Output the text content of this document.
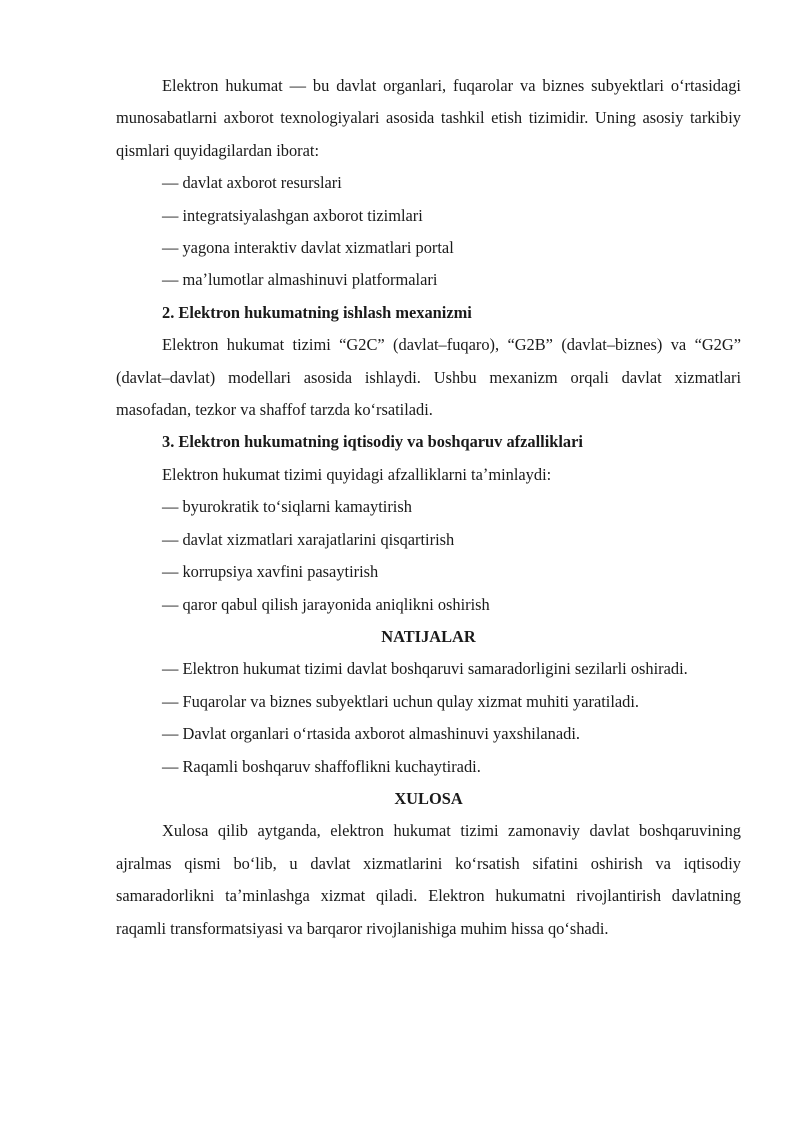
Elektron hukumat — bu davlat organlari, fuqarolar va biznes subyektlari oʻrtasidagi munosabatlarni axborot texnologiyalari asosida tashkil etish tizimidir. Uning asosiy tarkibiy qismlari quyidagilardan iborat:

— davlat axborot resurslari

— integratsiyalashgan axborot tizimlari

— yagona interaktiv davlat xizmatlari portal

— maʼlumotlar almashinuvi platformalari

2. Elektron hukumatning ishlash mexanizmi

Elektron hukumat tizimi “G2C” (davlat–fuqaro), “G2B” (davlat–biznes) va “G2G” (davlat–davlat) modellari asosida ishlaydi. Ushbu mexanizm orqali davlat xizmatlari masofadan, tezkor va shaffof tarzda koʻrsatiladi.

3. Elektron hukumatning iqtisodiy va boshqaruv afzalliklari

Elektron hukumat tizimi quyidagi afzalliklarni taʼminlaydi:

— byurokratik toʻsiqlarni kamaytirish

— davlat xizmatlari xarajatlarini qisqartirish

— korrupsiya xavfini pasaytirish

— qaror qabul qilish jarayonida aniqlikni oshirish

NATIJALAR

— Elektron hukumat tizimi davlat boshqaruvi samaradorligini sezilarli oshiradi.

— Fuqarolar va biznes subyektlari uchun qulay xizmat muhiti yaratiladi.

— Davlat organlari oʻrtasida axborot almashinuvi yaxshilanadi.

— Raqamli boshqaruv shaffoflikni kuchaytiradi.

XULOSA

Xulosa qilib aytganda, elektron hukumat tizimi zamonaviy davlat boshqaruvining ajralmas qismi boʻlib, u davlat xizmatlarini koʻrsatish sifatini oshirish va iqtisodiy samaradorlikni taʼminlashga xizmat qiladi. Elektron hukumatni rivojlantirish davlatning raqamli transformatsiyasi va barqaror rivojlanishiga muhim hissa qoʻshadi.
